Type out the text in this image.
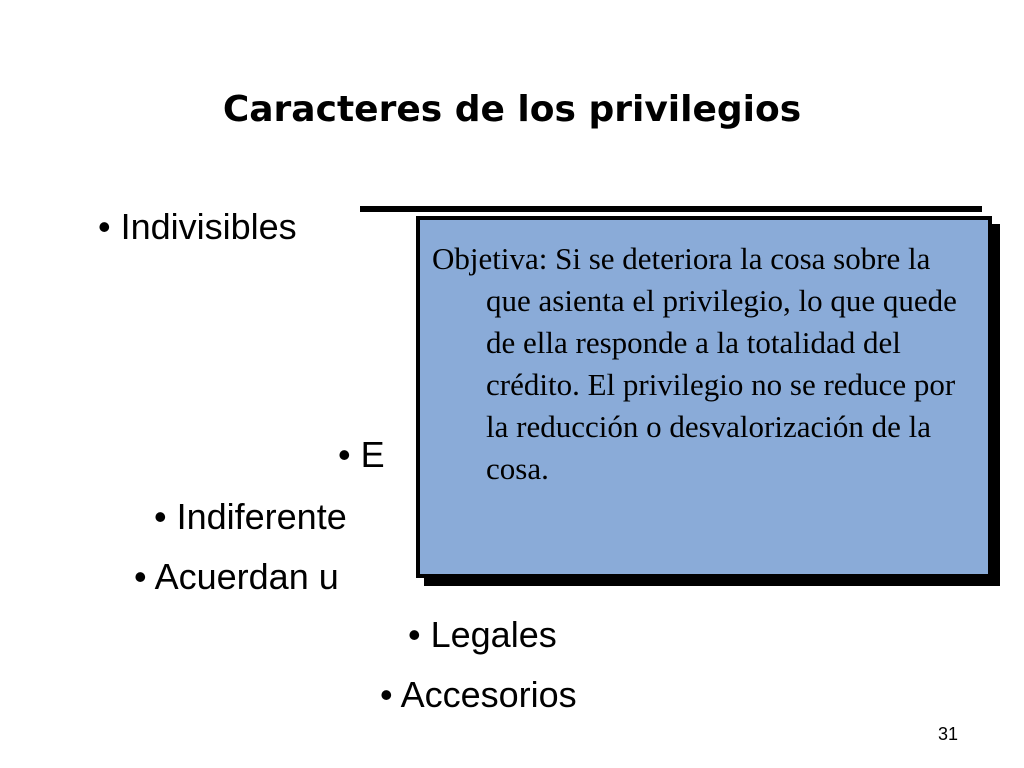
Caracteres de los privilegios
• Indivisibles
• E
• Indiferente
• Acuerdan u
• Legales
• Accesorios

Objetiva: Si se deteriora la cosa sobre la que asienta el privilegio, lo que quede de ella responde a la totalidad del crédito. El privilegio no se reduce por la reducción o desvalorización de la cosa.

31
